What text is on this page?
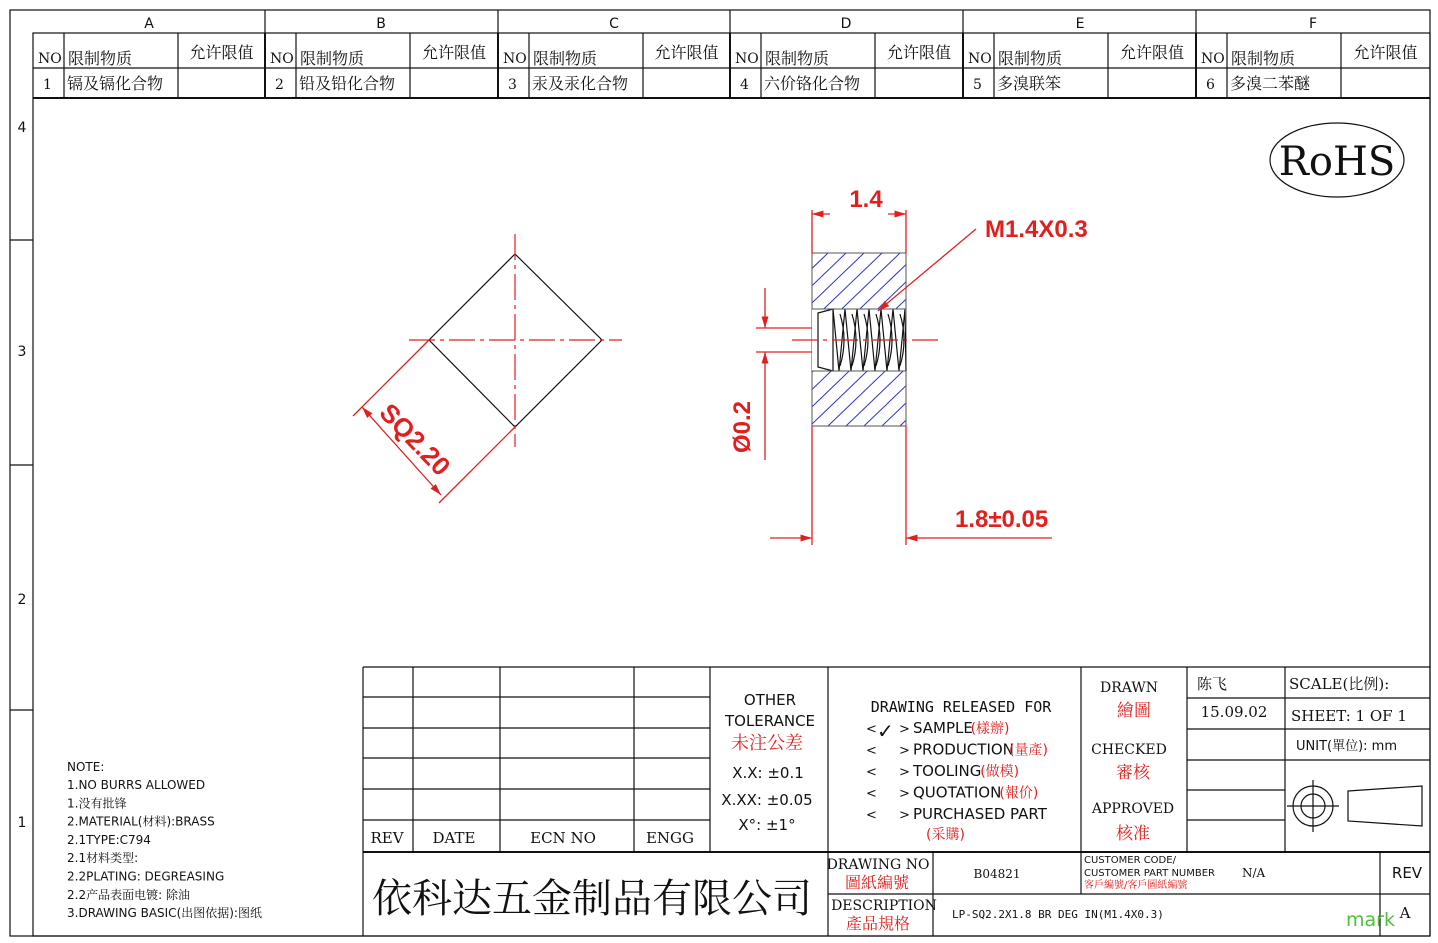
A	B	C	D	E	F
4
3
2
1
NO 限制物质	允许限值
1 镉及镉化合物
NO 限制物质	允许限值
2 铅及铅化合物
NO 限制物质	允许限值
3 汞及汞化合物
NO 限制物质	允许限值
4 六价铬化合物
NO 限制物质	允许限值
5 多溴联笨
NO 限制物质	允许限值
6 多溴二苯醚
RoHS
SQ2.20
1.4
M1.4X0.3
Ø0.2
1.8±0.05
NOTE:
1.NO BURRS ALLOWED
1.没有批锋
2.MATERIAL(材料):BRASS
2.1TYPE:C794
2.1材料类型:
2.2PLATING: DEGREASING
2.2产品表面电镀: 除油
3.DRAWING BASIC(出图依据):图纸
REV DATE	ECN NO	ENGG
OTHER
TOLERANCE
未注公差
X.X: ±0.1
X.XX: ±0.05
X°: ±1°
DRAWING RELEASED FOR
< >
✓ SAMPLE
(樣辦)
< > PRODUCTION
(量產)
< > TOOLING
(做模)
< > QUOTATION
(報价)
< > PURCHASED PART
(采購)
DRAWN
繪圖
陈飞
15.09.02
CHECKED
審核
APPROVED
核准
SCALE(比例):
SHEET: 1 OF 1
UNIT(單位): mm
依科达五金制品有限公司
DRAWING NO
圖紙編號	B04821
CUSTOMER CODE/
CUSTOMER PART NUMBER
客戶編號/客戶圖紙編號
N/A	REV
A
DESCRIPTION
產品規格	LP-SQ2.2X1.8 BR DEG IN(M1.4X0.3)	mark
